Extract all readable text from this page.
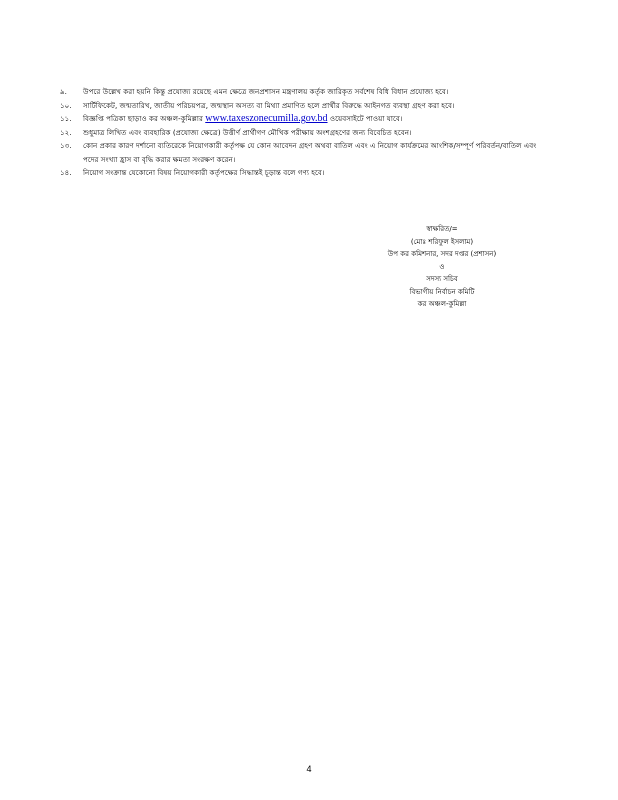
৯.	উপরে উল্লেখ করা হয়নি কিন্তু প্রযোজ্য রয়েছে এমন ক্ষেত্রে জনপ্রশাসন মন্ত্রণালয় কর্তৃক জারিকৃত সর্বশেষ বিধি বিধান প্রযোজ্য হবে।
১০.	সার্টিফিকেট, জন্মতারিখ, জাতীয় পরিচয়পত্র, জন্মস্থান অসত্য বা মিথ্যা প্রমাণিত হলে প্রার্থীর বিরুদ্ধে আইনগত ব্যবস্থা গ্রহণ করা হবে।
১১.	বিজ্ঞপ্তি পত্রিকা ছাড়াও কর অঞ্চল-কুমিল্লার www.taxeszonecumilla.gov.bd ওয়েবসাইটে পাওয়া যাবে।
১২.	শুধুমাত্র লিখিত এবং ব্যবহারিক (প্রযোজ্য ক্ষেত্রে) উত্তীর্ণ প্রার্থীগণ মৌখিক পরীক্ষায় অংশগ্রহণের জন্য বিবেচিত হবেন।
১৩.	কোন প্রকার কারণ দর্শানো ব্যতিরেকে নিয়োগকারী কর্তৃপক্ষ যে কোন আবেদন গ্রহণ অথবা বাতিল এবং এ নিয়োগ কার্যক্রমের আংশিক/সম্পূর্ণ পরিবর্তন/বাতিল এবং পদের সংখ্যা হ্রাস বা বৃদ্ধি করার ক্ষমতা সংরক্ষণ করেন।
১৪.	নিয়োগ সংক্রান্ত যেকোনো বিষয় নিয়োগকারী কর্তৃপক্ষের সিদ্ধান্তই চূড়ান্ত বলে গণ্য হবে।
স্বাক্ষরিত/=
(মোঃ শরিফুল ইসলাম)
উপ কর কমিশনার, সদর দপ্তর (প্রশাসন)
ও
সদস্য সচিব
বিভাগীয় নির্বাচন কমিটি
কর অঞ্চল-কুমিল্লা
4
